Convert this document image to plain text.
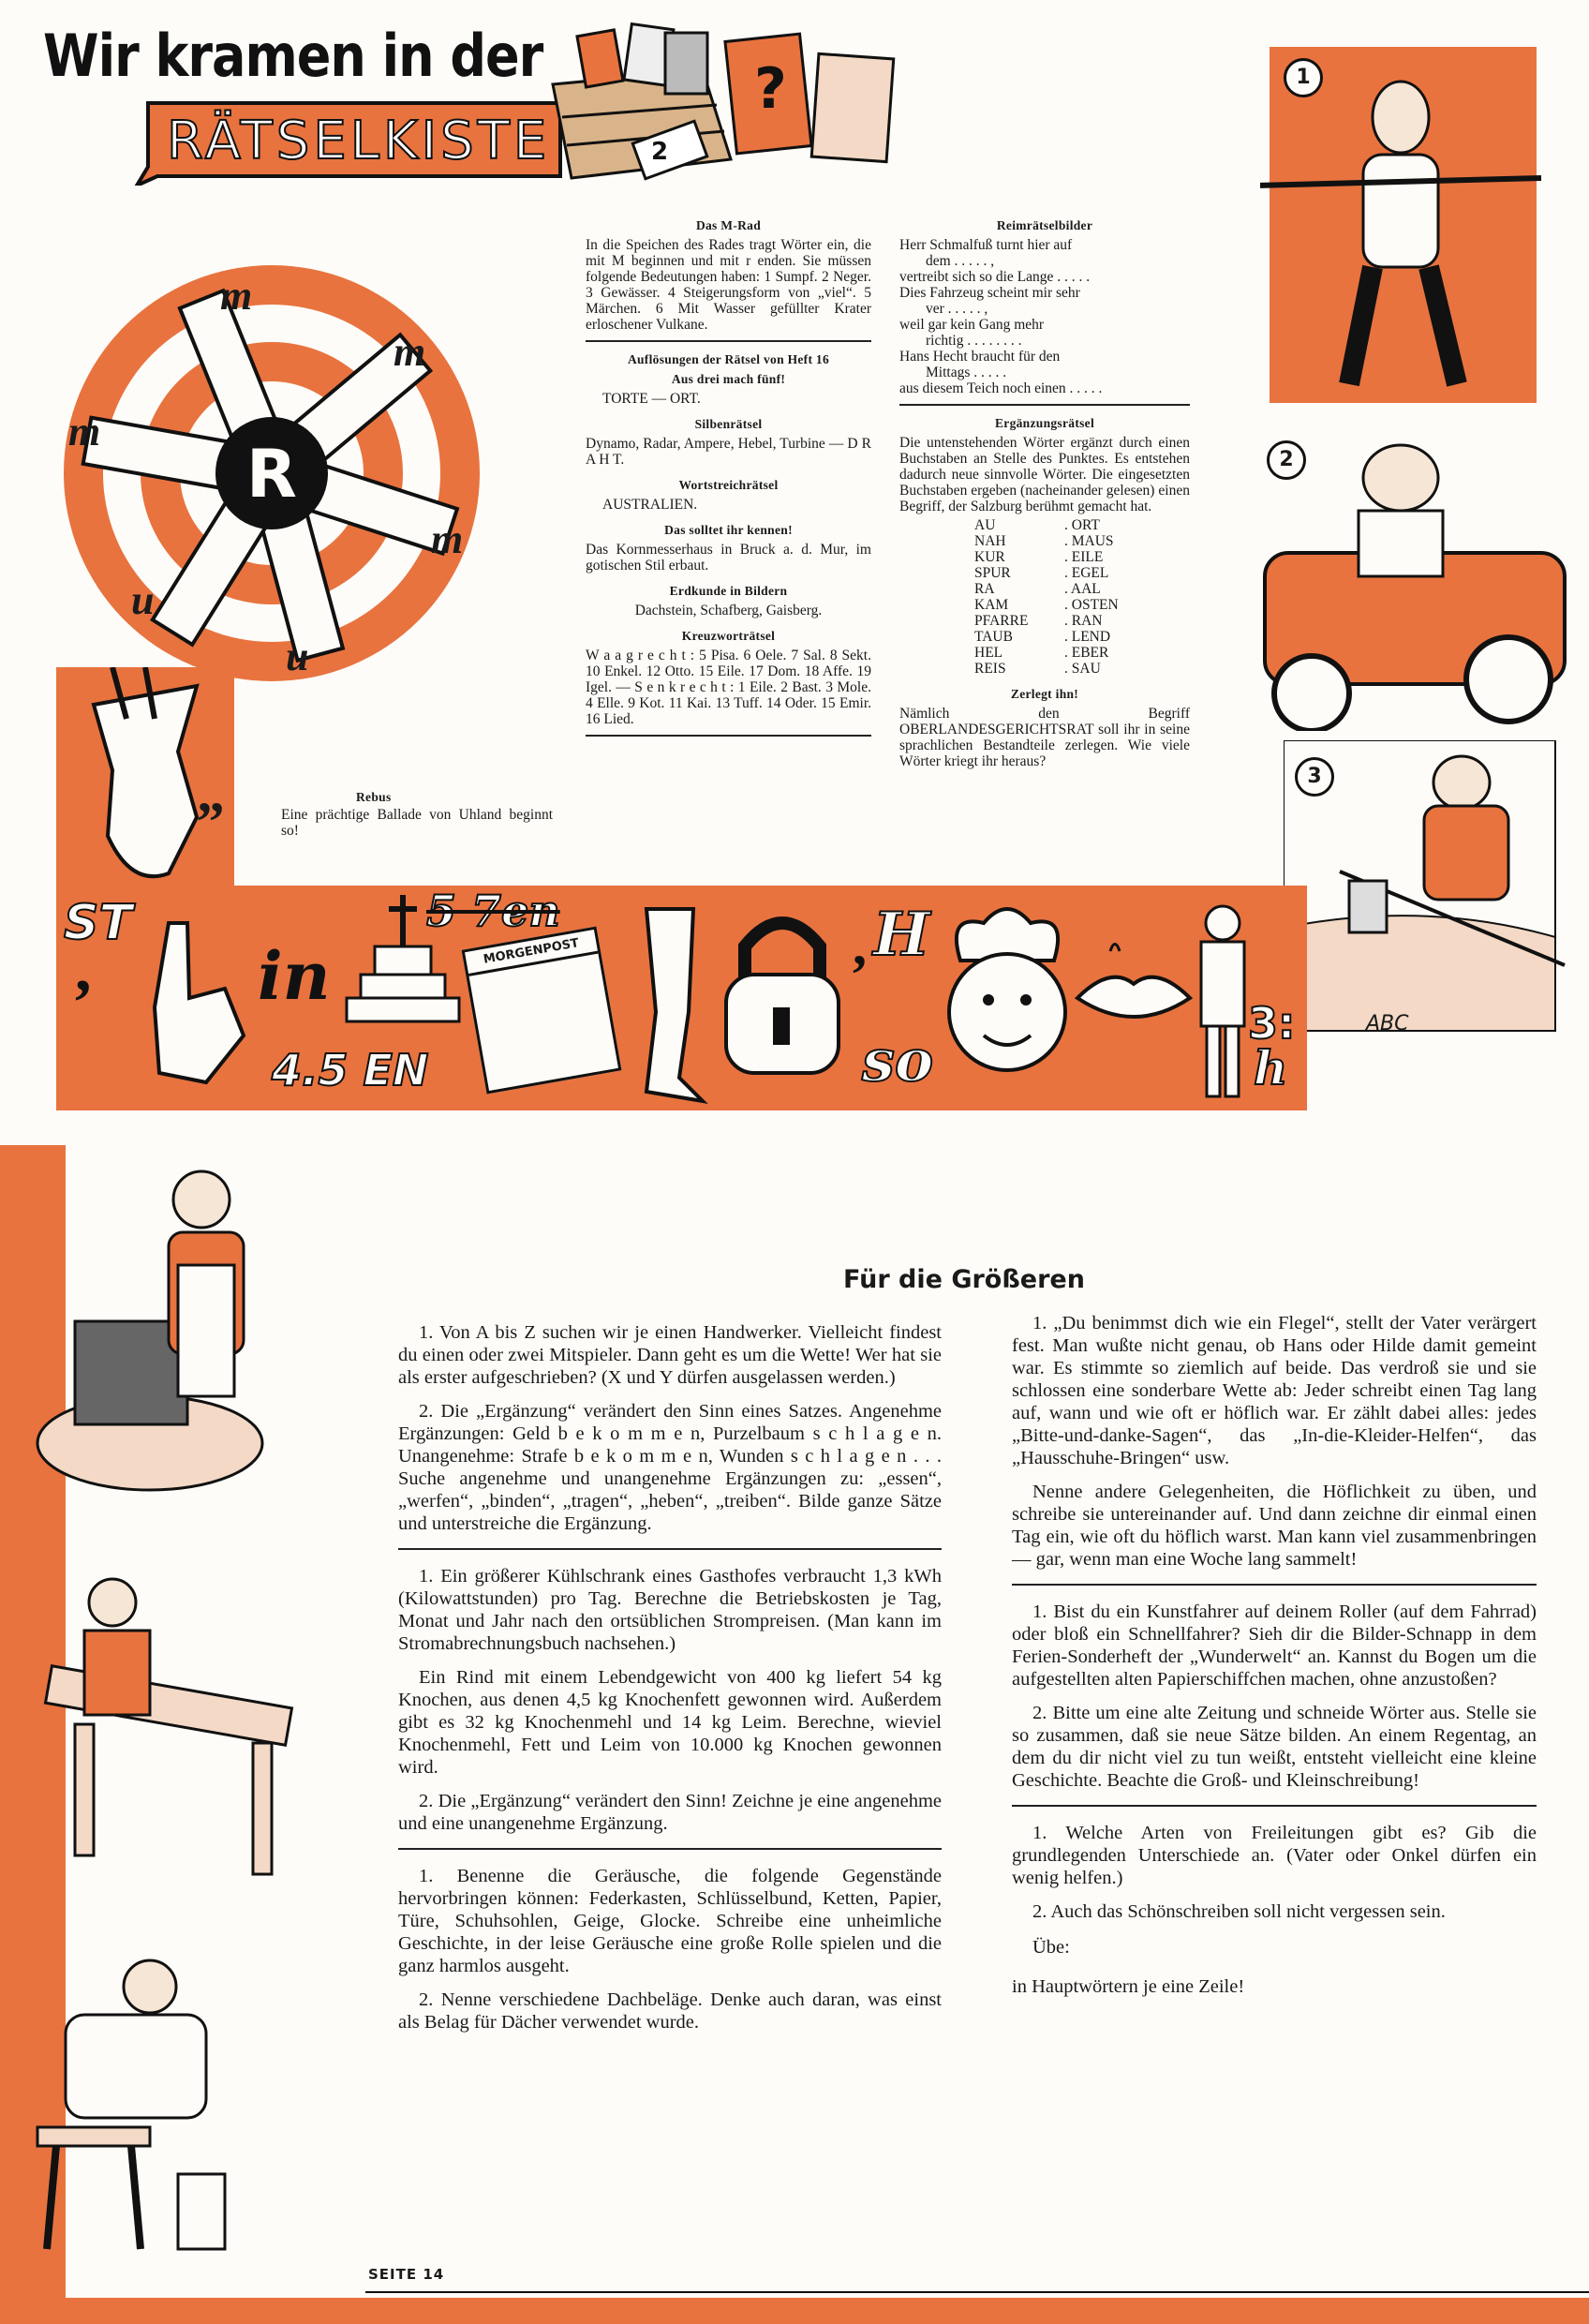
Wir kramen in der
RÄTSELKISTE
?
2
R
m
m
m
m
u
u
Das M-Rad

In die Speichen des Rades tragt Wörter ein, die mit M beginnen und mit r enden. Sie müssen folgende Bedeutungen haben: 1 Sumpf. 2 Neger. 3 Gewässer. 4 Steigerungsform von „viel“. 5 Märchen. 6 Mit Wasser gefüllter Krater erloschener Vulkane.

Auflösungen der Rätsel von Heft 16
Aus drei mach fünf!

TORTE — ORT.

Silbenrätsel

Dynamo, Radar, Ampere, Hebel, Turbine — D R A H T.

Wortstreichrätsel

AUSTRALIEN.

Das solltet ihr kennen!

Das Kornmesserhaus in Bruck a. d. Mur, im gotischen Stil erbaut.

Erdkunde in Bildern

Dachstein, Schafberg, Gaisberg.

Kreuzworträtsel

W a a g r e c h t : 5 Pisa. 6 Oele. 7 Sal. 8 Sekt. 10 Enkel. 12 Otto. 15 Eile. 17 Dom. 18 Affe. 19 Igel. — S e n k r e c h t : 1 Eile. 2 Bast. 3 Mole. 4 Elle. 9 Kot. 11 Kai. 13 Tuff. 14 Oder. 15 Emir. 16 Lied.

Reimrätselbilder
Herr Schmalfuß turnt hier auf
dem . . . . . ,
vertreibt sich so die Lange . . . . .
Dies Fahrzeug scheint mir sehr
ver . . . . . ,
weil gar kein Gang mehr
richtig . . . . . . . .
Hans Hecht braucht für den
Mittags . . . . .
aus diesem Teich noch einen . . . . .
Ergänzungsrätsel

Die untenstehenden Wörter ergänzt durch einen Buchstaben an Stelle des Punktes. Es entstehen dadurch neue sinnvolle Wörter. Die eingesetzten Buchstaben ergeben (nacheinander gelesen) einen Begriff, der Salzburg berühmt gemacht hat.

AU	. ORT
NAH	. MAUS
KUR	. EILE
SPUR	. EGEL
RA	. AAL
KAM	. OSTEN
PFARRE	. RAN
TAUB	. LEND
HEL	. EBER
REIS	. SAU
Zerlegt ihn!

Nämlich den Begriff OBERLANDESGERICHTSRAT soll ihr in seine sprachlichen Bestandteile zerlegen. Wie viele Wörter kriegt ihr heraus?

1
2
3
ABC
„	Rebus

Eine prächtige Ballade von Uhland beginnt so!

ST
,	in
4.5 EN
5 7en
MORGENPOST	, H
so
3:
h
Für die Größeren

1. Von A bis Z suchen wir je einen Handwerker. Vielleicht findest du einen oder zwei Mitspieler. Dann geht es um die Wette! Wer hat sie als erster aufgeschrieben? (X und Y dürfen ausgelassen werden.)

2. Die „Ergänzung“ verändert den Sinn eines Satzes. Angenehme Ergänzungen: Geld b e k o m m e n, Purzelbaum s c h l a g e n. Unangenehme: Strafe b e k o m m e n, Wunden s c h l a g e n . . . Suche angenehme und unangenehme Ergänzungen zu: „essen“, „werfen“, „binden“, „tragen“, „heben“, „treiben“. Bilde ganze Sätze und unterstreiche die Ergänzung.

1. Ein größerer Kühlschrank eines Gasthofes verbraucht 1,3 kWh (Kilowattstunden) pro Tag. Berechne die Betriebskosten je Tag, Monat und Jahr nach den ortsüblichen Strompreisen. (Man kann im Stromabrechnungsbuch nachsehen.)

Ein Rind mit einem Lebendgewicht von 400 kg liefert 54 kg Knochen, aus denen 4,5 kg Knochenfett gewonnen wird. Außerdem gibt es 32 kg Knochenmehl und 14 kg Leim. Berechne, wieviel Knochenmehl, Fett und Leim von 10.000 kg Knochen gewonnen wird.

2. Die „Ergänzung“ verändert den Sinn! Zeichne je eine angenehme und eine unangenehme Ergänzung.

1. Benenne die Geräusche, die folgende Gegenstände hervorbringen können: Federkasten, Schlüsselbund, Ketten, Papier, Türe, Schuhsohlen, Geige, Glocke. Schreibe eine unheimliche Geschichte, in der leise Geräusche eine große Rolle spielen und die ganz harmlos ausgeht.

2. Nenne verschiedene Dachbeläge. Denke auch daran, was einst als Belag für Dächer verwendet wurde.

1. „Du benimmst dich wie ein Flegel“, stellt der Vater verärgert fest. Man wußte nicht genau, ob Hans oder Hilde damit gemeint war. Es stimmte so ziemlich auf beide. Das verdroß sie und sie schlossen eine sonderbare Wette ab: Jeder schreibt einen Tag lang auf, wann und wie oft er höflich war. Er zählt dabei alles: jedes „Bitte-und-danke-Sagen“, das „In-die-Kleider-Helfen“, das „Hausschuhe-Bringen“ usw.

Nenne andere Gelegenheiten, die Höflichkeit zu üben, und schreibe sie untereinander auf. Und dann zeichne dir einmal einen Tag ein, wie oft du höflich warst. Man kann viel zusammenbringen — gar, wenn man eine Woche lang sammelt!

1. Bist du ein Kunstfahrer auf deinem Roller (auf dem Fahrrad) oder bloß ein Schnellfahrer? Sieh dir die Bilder-Schnapp in dem Ferien-Sonderheft der „Wunderwelt“ an. Kannst du Bogen um die aufgestellten alten Papierschiffchen machen, ohne anzustoßen?

2. Bitte um eine alte Zeitung und schneide Wörter aus. Stelle sie so zusammen, daß sie neue Sätze bilden. An einem Regentag, an dem du dir nicht viel zu tun weißt, entsteht vielleicht eine kleine Geschichte. Beachte die Groß- und Kleinschreibung!

1. Welche Arten von Freileitungen gibt es? Gib die grundlegenden Unterschiede an. (Vater oder Onkel dürfen ein wenig helfen.)

2. Auch das Schönschreiben soll nicht vergessen sein.

Übe:

in Hauptwörtern je eine Zeile!

SEITE 14
